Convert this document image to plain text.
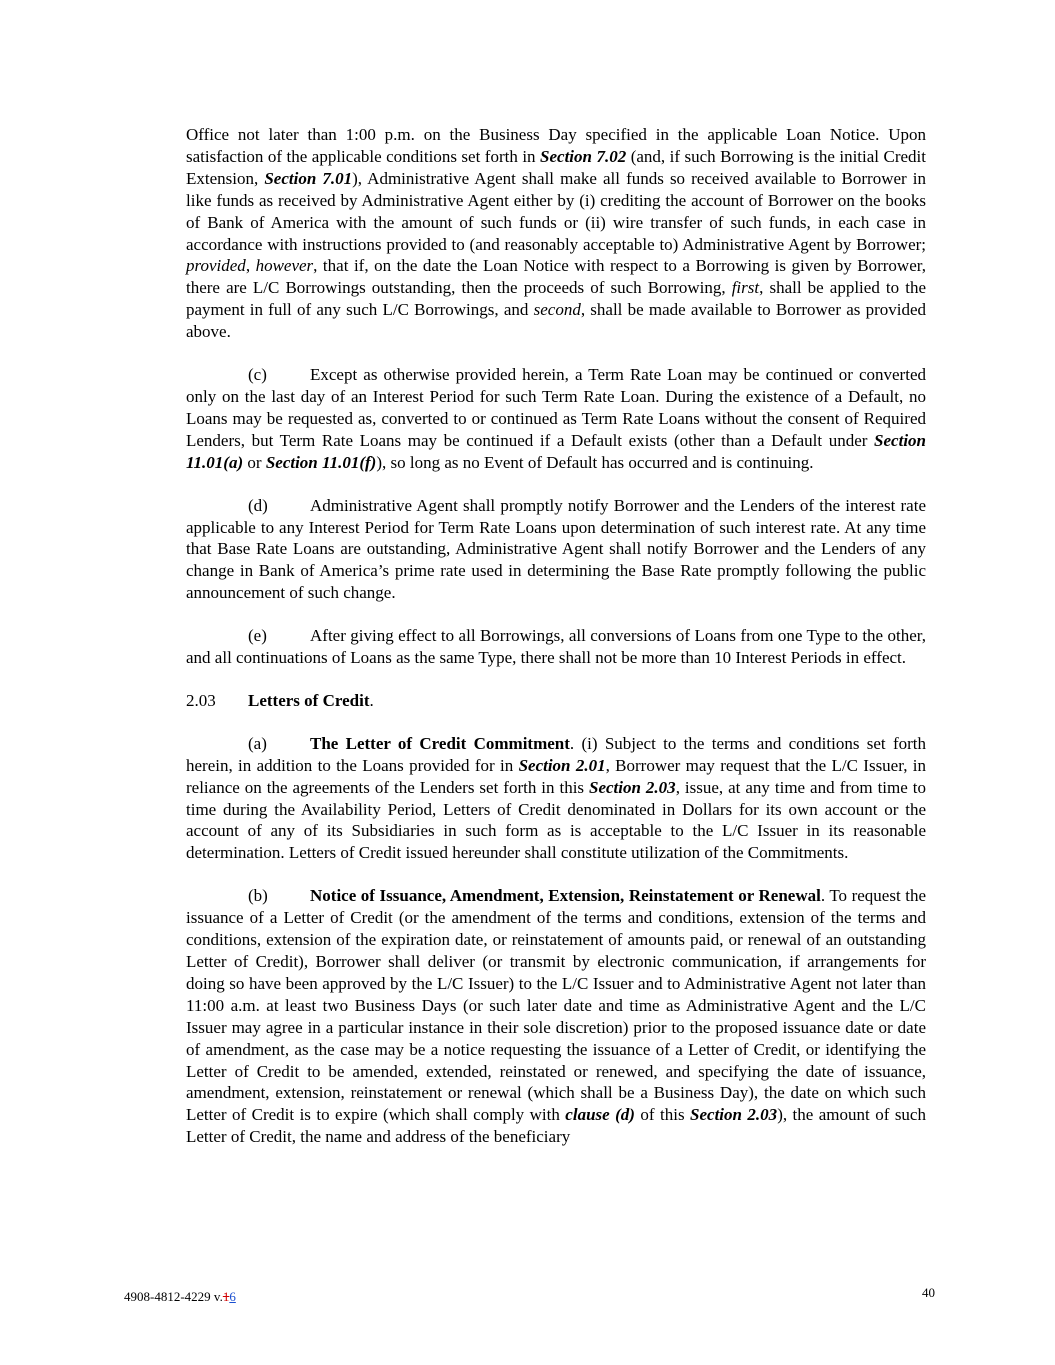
Office not later than 1:00 p.m. on the Business Day specified in the applicable Loan Notice. Upon satisfaction of the applicable conditions set forth in Section 7.02 (and, if such Borrowing is the initial Credit Extension, Section 7.01), Administrative Agent shall make all funds so received available to Borrower in like funds as received by Administrative Agent either by (i) crediting the account of Borrower on the books of Bank of America with the amount of such funds or (ii) wire transfer of such funds, in each case in accordance with instructions provided to (and reasonably acceptable to) Administrative Agent by Borrower; provided, however, that if, on the date the Loan Notice with respect to a Borrowing is given by Borrower, there are L/C Borrowings outstanding, then the proceeds of such Borrowing, first, shall be applied to the payment in full of any such L/C Borrowings, and second, shall be made available to Borrower as provided above.

(c)	Except as otherwise provided herein, a Term Rate Loan may be continued or converted only on the last day of an Interest Period for such Term Rate Loan. During the existence of a Default, no Loans may be requested as, converted to or continued as Term Rate Loans without the consent of Required Lenders, but Term Rate Loans may be continued if a Default exists (other than a Default under Section 11.01(a) or Section 11.01(f)), so long as no Event of Default has occurred and is continuing.

(d) Administrative Agent shall promptly notify Borrower and the Lenders of the interest rate applicable to any Interest Period for Term Rate Loans upon determination of such interest rate. At any time that Base Rate Loans are outstanding, Administrative Agent shall notify Borrower and the Lenders of any change in Bank of America’s prime rate used in determining the Base Rate promptly following the public announcement of such change.

(e)	After giving effect to all Borrowings, all conversions of Loans from one Type to the other, and all continuations of Loans as the same Type, there shall not be more than 10 Interest Periods in effect.

2.03 Letters of Credit.

(a)	The Letter of Credit Commitment. (i) Subject to the terms and conditions set forth herein, in addition to the Loans provided for in Section 2.01, Borrower may request that the L/C Issuer, in reliance on the agreements of the Lenders set forth in this Section 2.03, issue, at any time and from time to time during the Availability Period, Letters of Credit denominated in Dollars for its own account or the account of any of its Subsidiaries in such form as is acceptable to the L/C Issuer in its reasonable determination. Letters of Credit issued hereunder shall constitute utilization of the Commitments.

(b) Notice of Issuance, Amendment, Extension, Reinstatement or Renewal. To request the issuance of a Letter of Credit (or the amendment of the terms and conditions, extension of the terms and conditions, extension of the expiration date, or reinstatement of amounts paid, or renewal of an outstanding Letter of Credit), Borrower shall deliver (or transmit by electronic communication, if arrangements for doing so have been approved by the L/C Issuer) to the L/C Issuer and to Administrative Agent not later than 11:00 a.m. at least two Business Days (or such later date and time as Administrative Agent and the L/C Issuer may agree in a particular instance in their sole discretion) prior to the proposed issuance date or date of amendment, as the case may be a notice requesting the issuance of a Letter of Credit, or identifying the Letter of Credit to be amended, extended, reinstated or renewed, and specifying the date of issuance, amendment, extension, reinstatement or renewal (which shall be a Business Day), the date on which such Letter of Credit is to expire (which shall comply with clause (d) of this Section 2.03), the amount of such Letter of Credit, the name and address of the beneficiary

4908-4812-4229 v.16	40
